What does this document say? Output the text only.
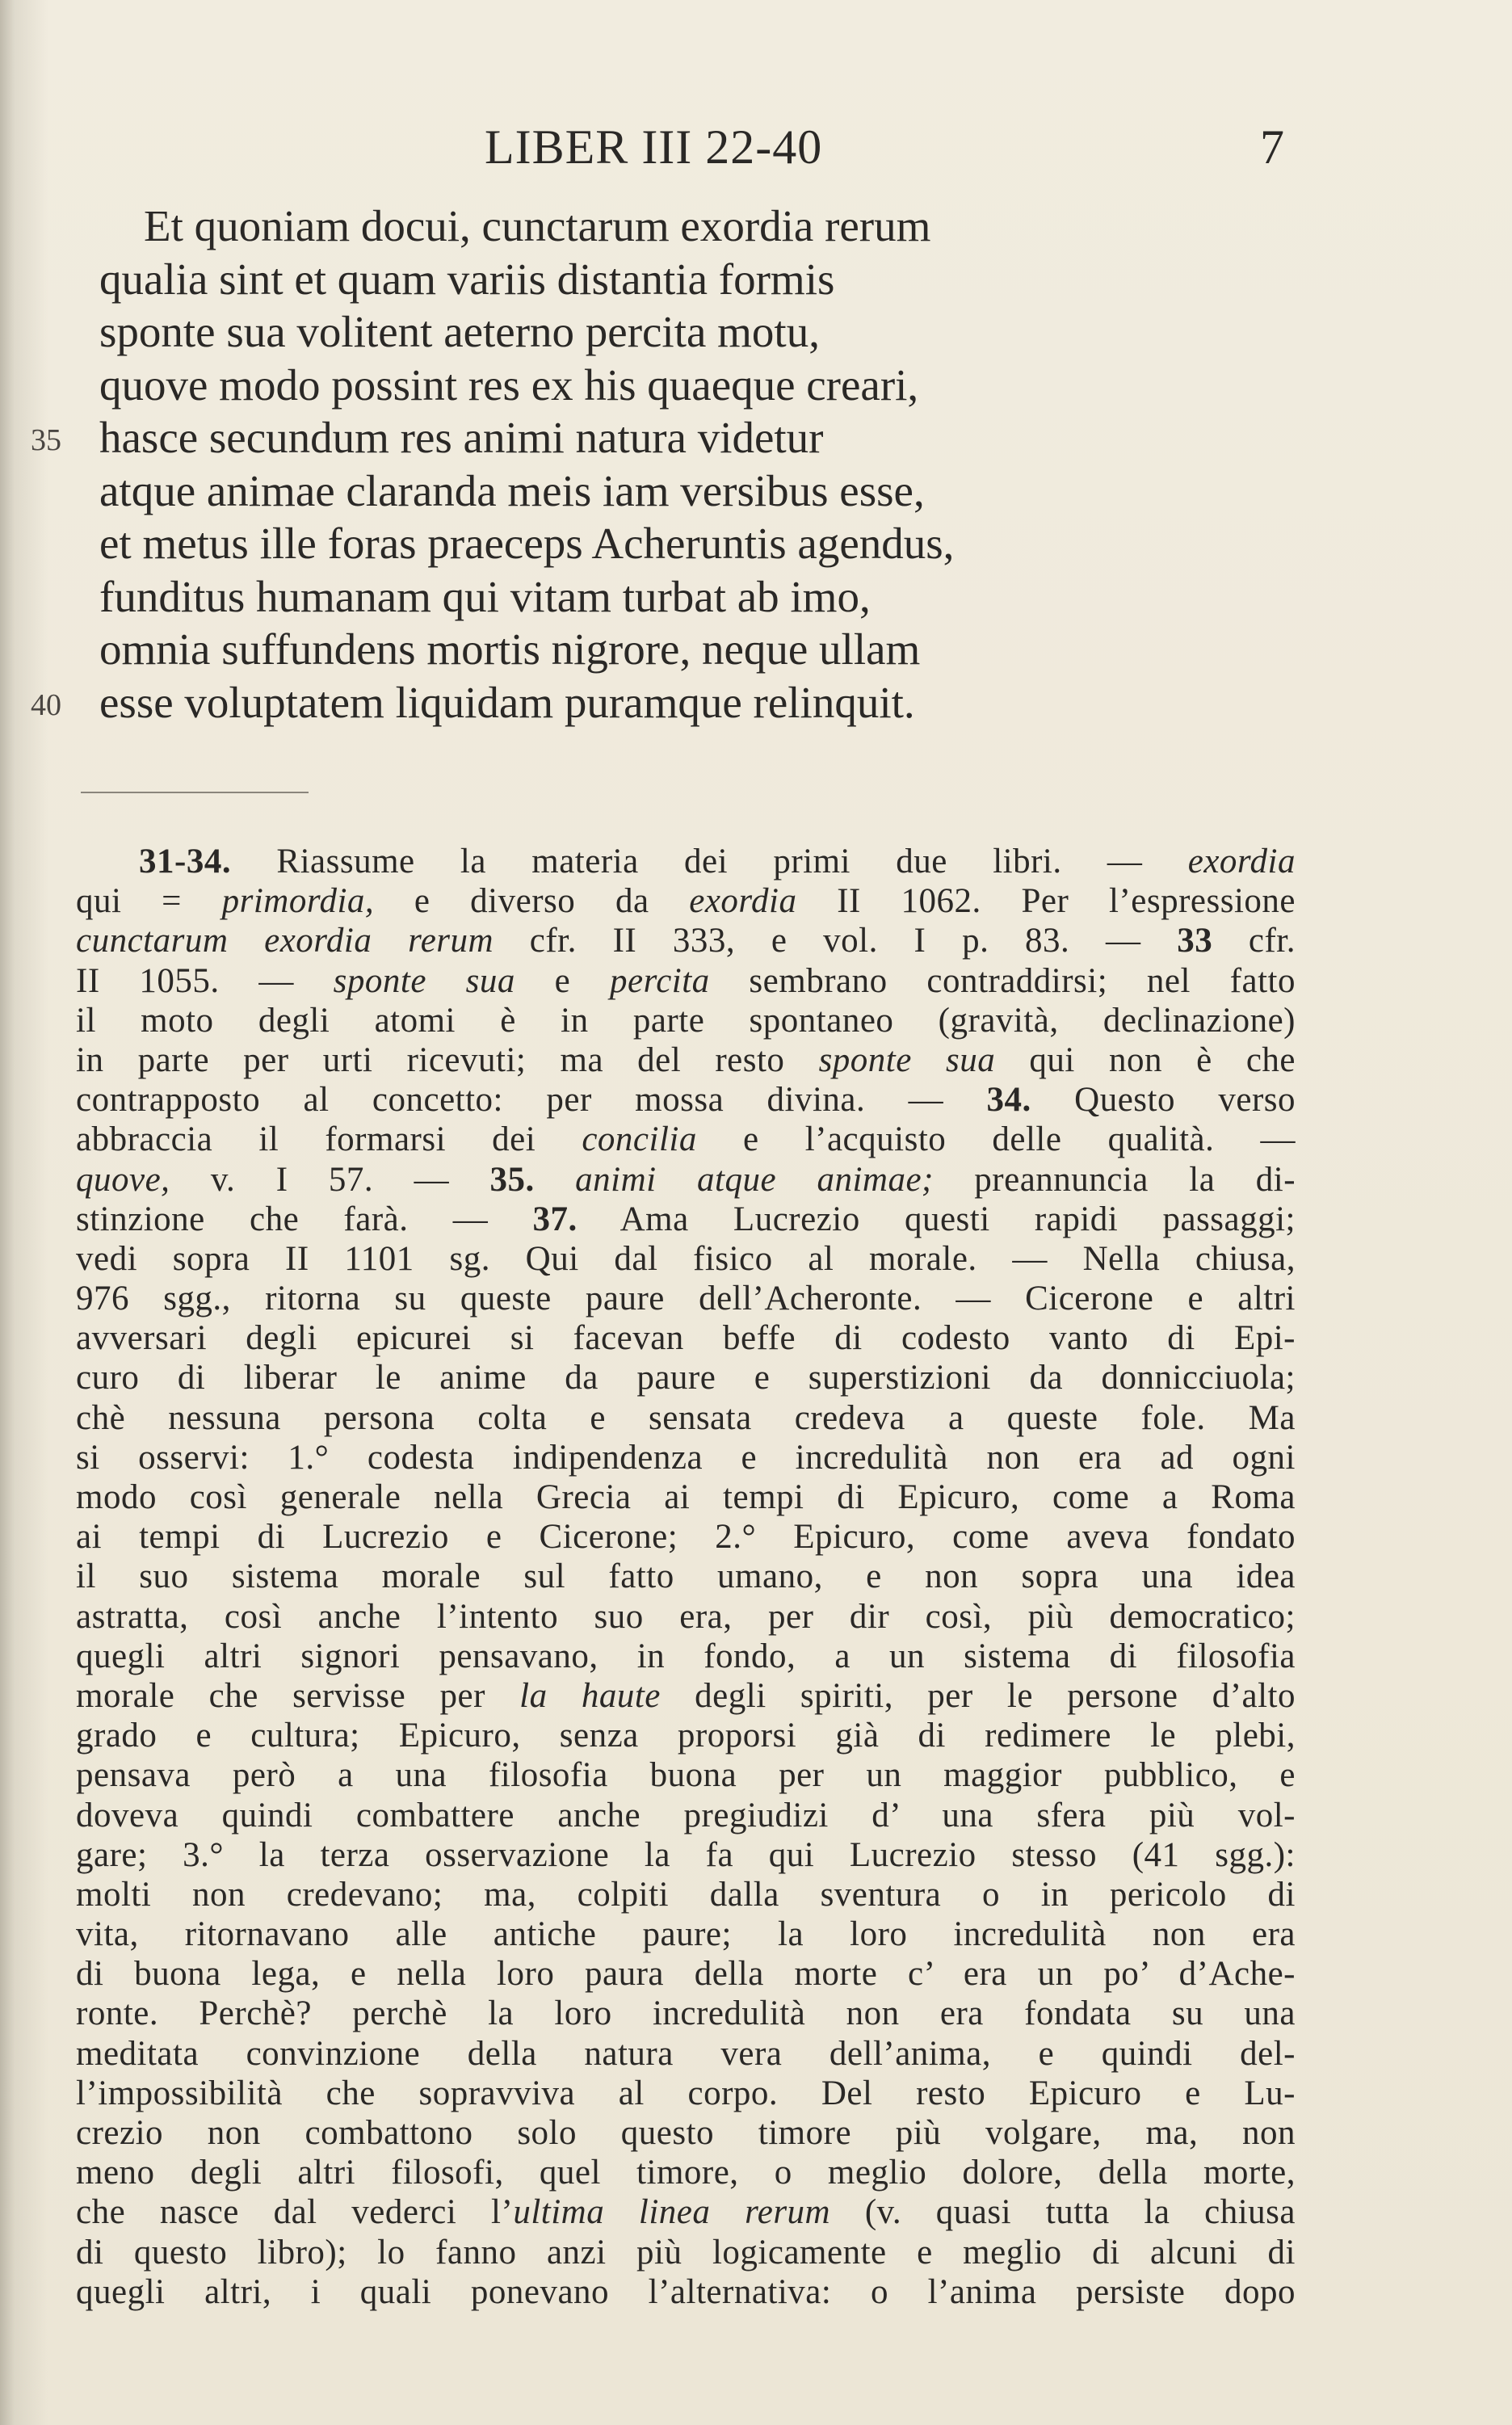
LIBER III 22-40	7
Et quoniam docui, cunctarum exordia rerum
qualia sint et quam variis distantia formis
sponte sua volitent aeterno percita motu,
quove modo possint res ex his quaeque creari,
35 hasce secundum res animi natura videtur
atque animae claranda meis iam versibus esse,
et metus ille foras praeceps Acheruntis agendus,
funditus humanam qui vitam turbat ab imo,
omnia suffundens mortis nigrore, neque ullam
40 esse voluptatem liquidam puramque relinquit.
31-34. Riassume la materia dei primi due libri. — exordia
qui = primordia, e diverso da exordia II 1062. Per l’espressione
cunctarum exordia rerum cfr. II 333, e vol. I p. 83. — 33 cfr.
II 1055. — sponte sua e percita sembrano contraddirsi; nel fatto
il moto degli atomi è in parte spontaneo (gravità, declinazione)
in parte per urti ricevuti; ma del resto sponte sua qui non è che
contrapposto al concetto: per mossa divina. — 34. Questo verso
abbraccia il formarsi dei concilia e l’acquisto delle qualità. —
quove, v. I 57. — 35. animi atque animae; preannuncia la di-
stinzione che farà. — 37. Ama Lucrezio questi rapidi passaggi;
vedi sopra II 1101 sg. Qui dal fisico al morale. — Nella chiusa,
976 sgg., ritorna su queste paure dell’Acheronte. — Cicerone e altri
avversari degli epicurei si facevan beffe di codesto vanto di Epi-
curo di liberar le anime da paure e superstizioni da donnicciuola;
chè nessuna persona colta e sensata credeva a queste fole. Ma
si osservi: 1.° codesta indipendenza e incredulità non era ad ogni
modo così generale nella Grecia ai tempi di Epicuro, come a Roma
ai tempi di Lucrezio e Cicerone; 2.° Epicuro, come aveva fondato
il suo sistema morale sul fatto umano, e non sopra una idea
astratta, così anche l’intento suo era, per dir così, più democratico;
quegli altri signori pensavano, in fondo, a un sistema di filosofia
morale che servisse per la haute degli spiriti, per le persone d’alto
grado e cultura; Epicuro, senza proporsi già di redimere le plebi,
pensava però a una filosofia buona per un maggior pubblico, e
doveva quindi combattere anche pregiudizi d’ una sfera più vol-
gare; 3.° la terza osservazione la fa qui Lucrezio stesso (41 sgg.):
molti non credevano; ma, colpiti dalla sventura o in pericolo di
vita, ritornavano alle antiche paure; la loro incredulità non era
di buona lega, e nella loro paura della morte c’ era un po’ d’Ache-
ronte. Perchè? perchè la loro incredulità non era fondata su una
meditata convinzione della natura vera dell’anima, e quindi del-
l’impossibilità che sopravviva al corpo. Del resto Epicuro e Lu-
crezio non combattono solo questo timore più volgare, ma, non
meno degli altri filosofi, quel timore, o meglio dolore, della morte,
che nasce dal vederci l’ultima linea rerum (v. quasi tutta la chiusa
di questo libro); lo fanno anzi più logicamente e meglio di alcuni di
quegli altri, i quali ponevano l’alternativa: o l’anima persiste dopo
